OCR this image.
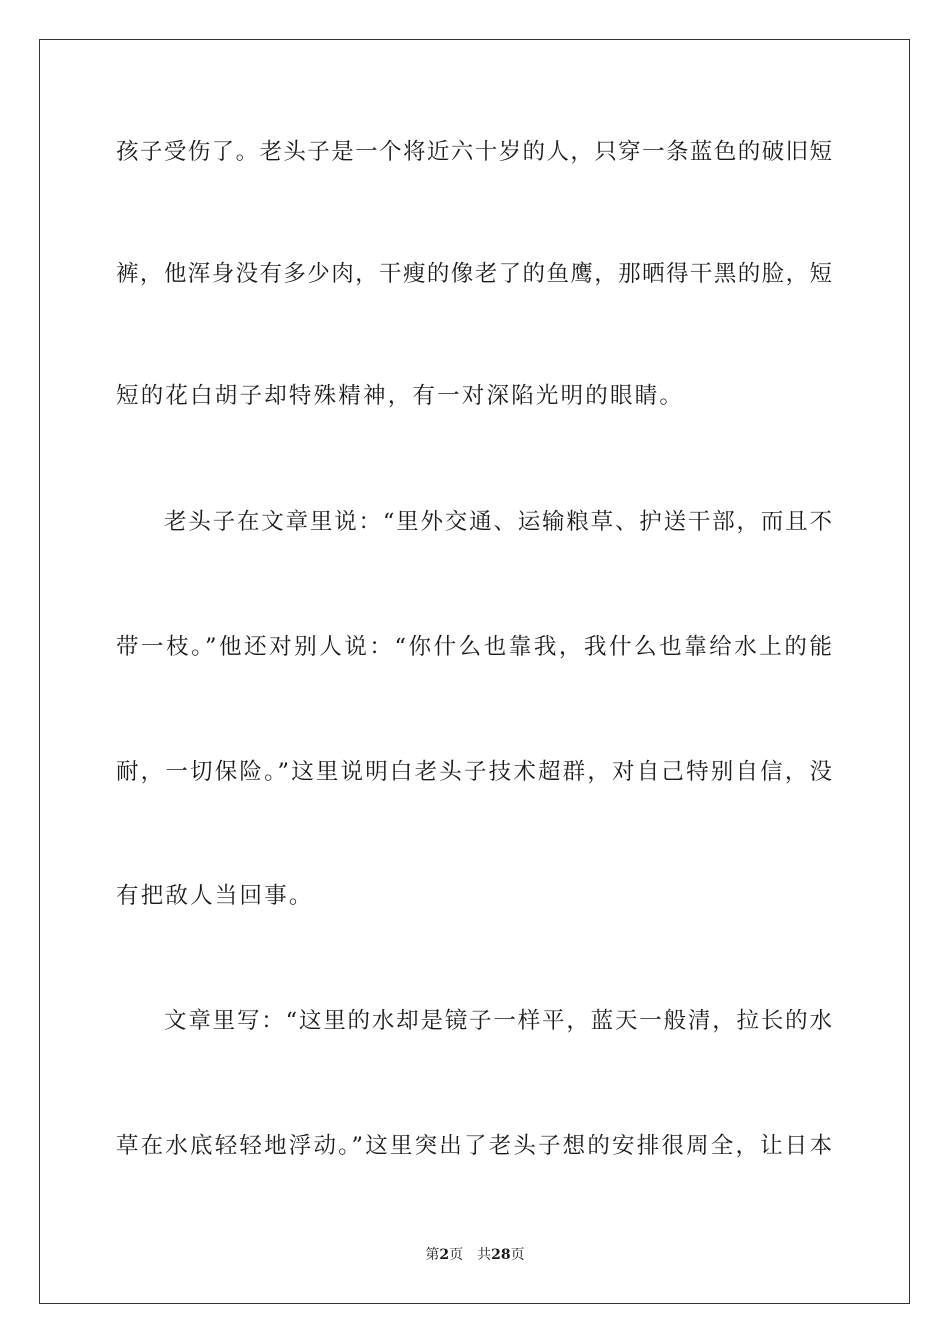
孩子受伤了。老头子是一个将近六十岁的人，只穿一条蓝色的破旧短
裤，他浑身没有多少肉，干瘦的像老了的鱼鹰，那晒得干黑的脸，短
短的花白胡子却特殊精神，有一对深陷光明的眼睛。
老头子在文章里说：“里外交通、运输粮草、护送干部，而且不
带一枝。”他还对别人说：“你什么也靠我，我什么也靠给水上的能
耐，一切保险。”这里说明白老头子技术超群，对自己特别自信，没
有把敌人当回事。
文章里写：“这里的水却是镜子一样平，蓝天一般清，拉长的水
草在水底轻轻地浮动。”这里突出了老头子想的安排很周全，让日本
第2页 共28页
